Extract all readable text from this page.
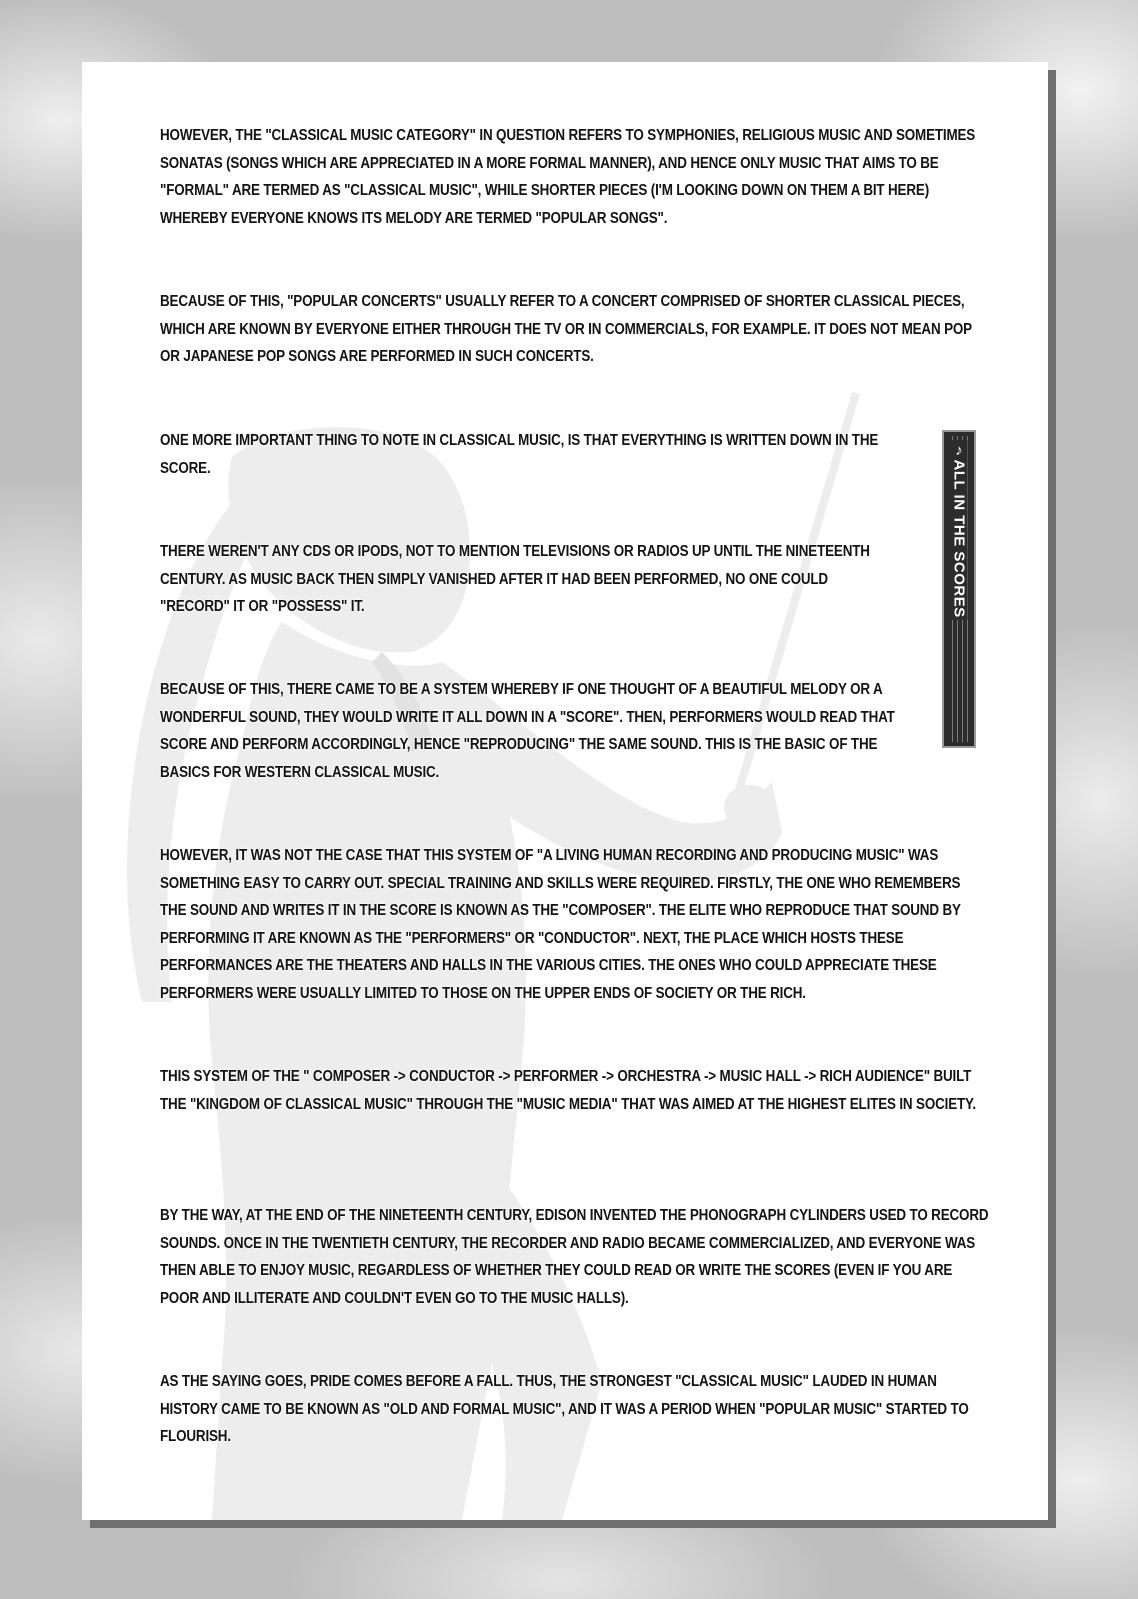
HOWEVER, THE "CLASSICAL MUSIC CATEGORY" IN QUESTION REFERS TO SYMPHONIES, RELIGIOUS MUSIC AND SOMETIMES SONATAS (SONGS WHICH ARE APPRECIATED IN A MORE FORMAL MANNER), AND HENCE ONLY MUSIC THAT AIMS TO BE "FORMAL" ARE TERMED AS "CLASSICAL MUSIC", WHILE SHORTER PIECES (I'M LOOKING DOWN ON THEM A BIT HERE) WHEREBY EVERYONE KNOWS ITS MELODY ARE TERMED "POPULAR SONGS".
BECAUSE OF THIS, "POPULAR CONCERTS" USUALLY REFER TO A CONCERT COMPRISED OF SHORTER CLASSICAL PIECES, WHICH ARE KNOWN BY EVERYONE EITHER THROUGH THE TV OR IN COMMERCIALS, FOR EXAMPLE. IT DOES NOT MEAN POP OR JAPANESE POP SONGS ARE PERFORMED IN SUCH CONCERTS.
ONE MORE IMPORTANT THING TO NOTE IN CLASSICAL MUSIC, IS THAT EVERYTHING IS WRITTEN DOWN IN THE SCORE.
THERE WEREN'T ANY CDS OR IPODS, NOT TO MENTION TELEVISIONS OR RADIOS UP UNTIL THE NINETEENTH CENTURY. AS MUSIC BACK THEN SIMPLY VANISHED AFTER IT HAD BEEN PERFORMED, NO ONE COULD "RECORD" IT OR "POSSESS" IT.
BECAUSE OF THIS, THERE CAME TO BE A SYSTEM WHEREBY IF ONE THOUGHT OF A BEAUTIFUL MELODY OR A WONDERFUL SOUND, THEY WOULD WRITE IT ALL DOWN IN A "SCORE". THEN, PERFORMERS WOULD READ THAT SCORE AND PERFORM ACCORDINGLY, HENCE "REPRODUCING" THE SAME SOUND. THIS IS THE BASIC OF THE BASICS FOR WESTERN CLASSICAL MUSIC.
HOWEVER, IT WAS NOT THE CASE THAT THIS SYSTEM OF "A LIVING HUMAN RECORDING AND PRODUCING MUSIC" WAS SOMETHING EASY TO CARRY OUT. SPECIAL TRAINING AND SKILLS WERE REQUIRED. FIRSTLY, THE ONE WHO REMEMBERS THE SOUND AND WRITES IT IN THE SCORE IS KNOWN AS THE "COMPOSER". THE ELITE WHO REPRODUCE THAT SOUND BY PERFORMING IT ARE KNOWN AS THE "PERFORMERS" OR "CONDUCTOR". NEXT, THE PLACE WHICH HOSTS THESE PERFORMANCES ARE THE THEATERS AND HALLS IN THE VARIOUS CITIES. THE ONES WHO COULD APPRECIATE THESE PERFORMERS WERE USUALLY LIMITED TO THOSE ON THE UPPER ENDS OF SOCIETY OR THE RICH.
THIS SYSTEM OF THE " COMPOSER -> CONDUCTOR -> PERFORMER -> ORCHESTRA -> MUSIC HALL -> RICH AUDIENCE" BUILT THE "KINGDOM OF CLASSICAL MUSIC" THROUGH THE "MUSIC MEDIA" THAT WAS AIMED AT THE HIGHEST ELITES IN SOCIETY.
BY THE WAY, AT THE END OF THE NINETEENTH CENTURY, EDISON INVENTED THE PHONOGRAPH CYLINDERS USED TO RECORD SOUNDS. ONCE IN THE TWENTIETH CENTURY, THE RECORDER AND RADIO BECAME COMMERCIALIZED, AND EVERYONE WAS THEN ABLE TO ENJOY MUSIC, REGARDLESS OF WHETHER THEY COULD READ OR WRITE THE SCORES (EVEN IF YOU ARE POOR AND ILLITERATE AND COULDN'T EVEN GO TO THE MUSIC HALLS).
AS THE SAYING GOES, PRIDE COMES BEFORE A FALL. THUS, THE STRONGEST "CLASSICAL MUSIC" LAUDED IN HUMAN HISTORY CAME TO BE KNOWN AS "OLD AND FORMAL MUSIC", AND IT WAS A PERIOD WHEN "POPULAR MUSIC" STARTED TO FLOURISH.
♪ALL IN THE SCORES
